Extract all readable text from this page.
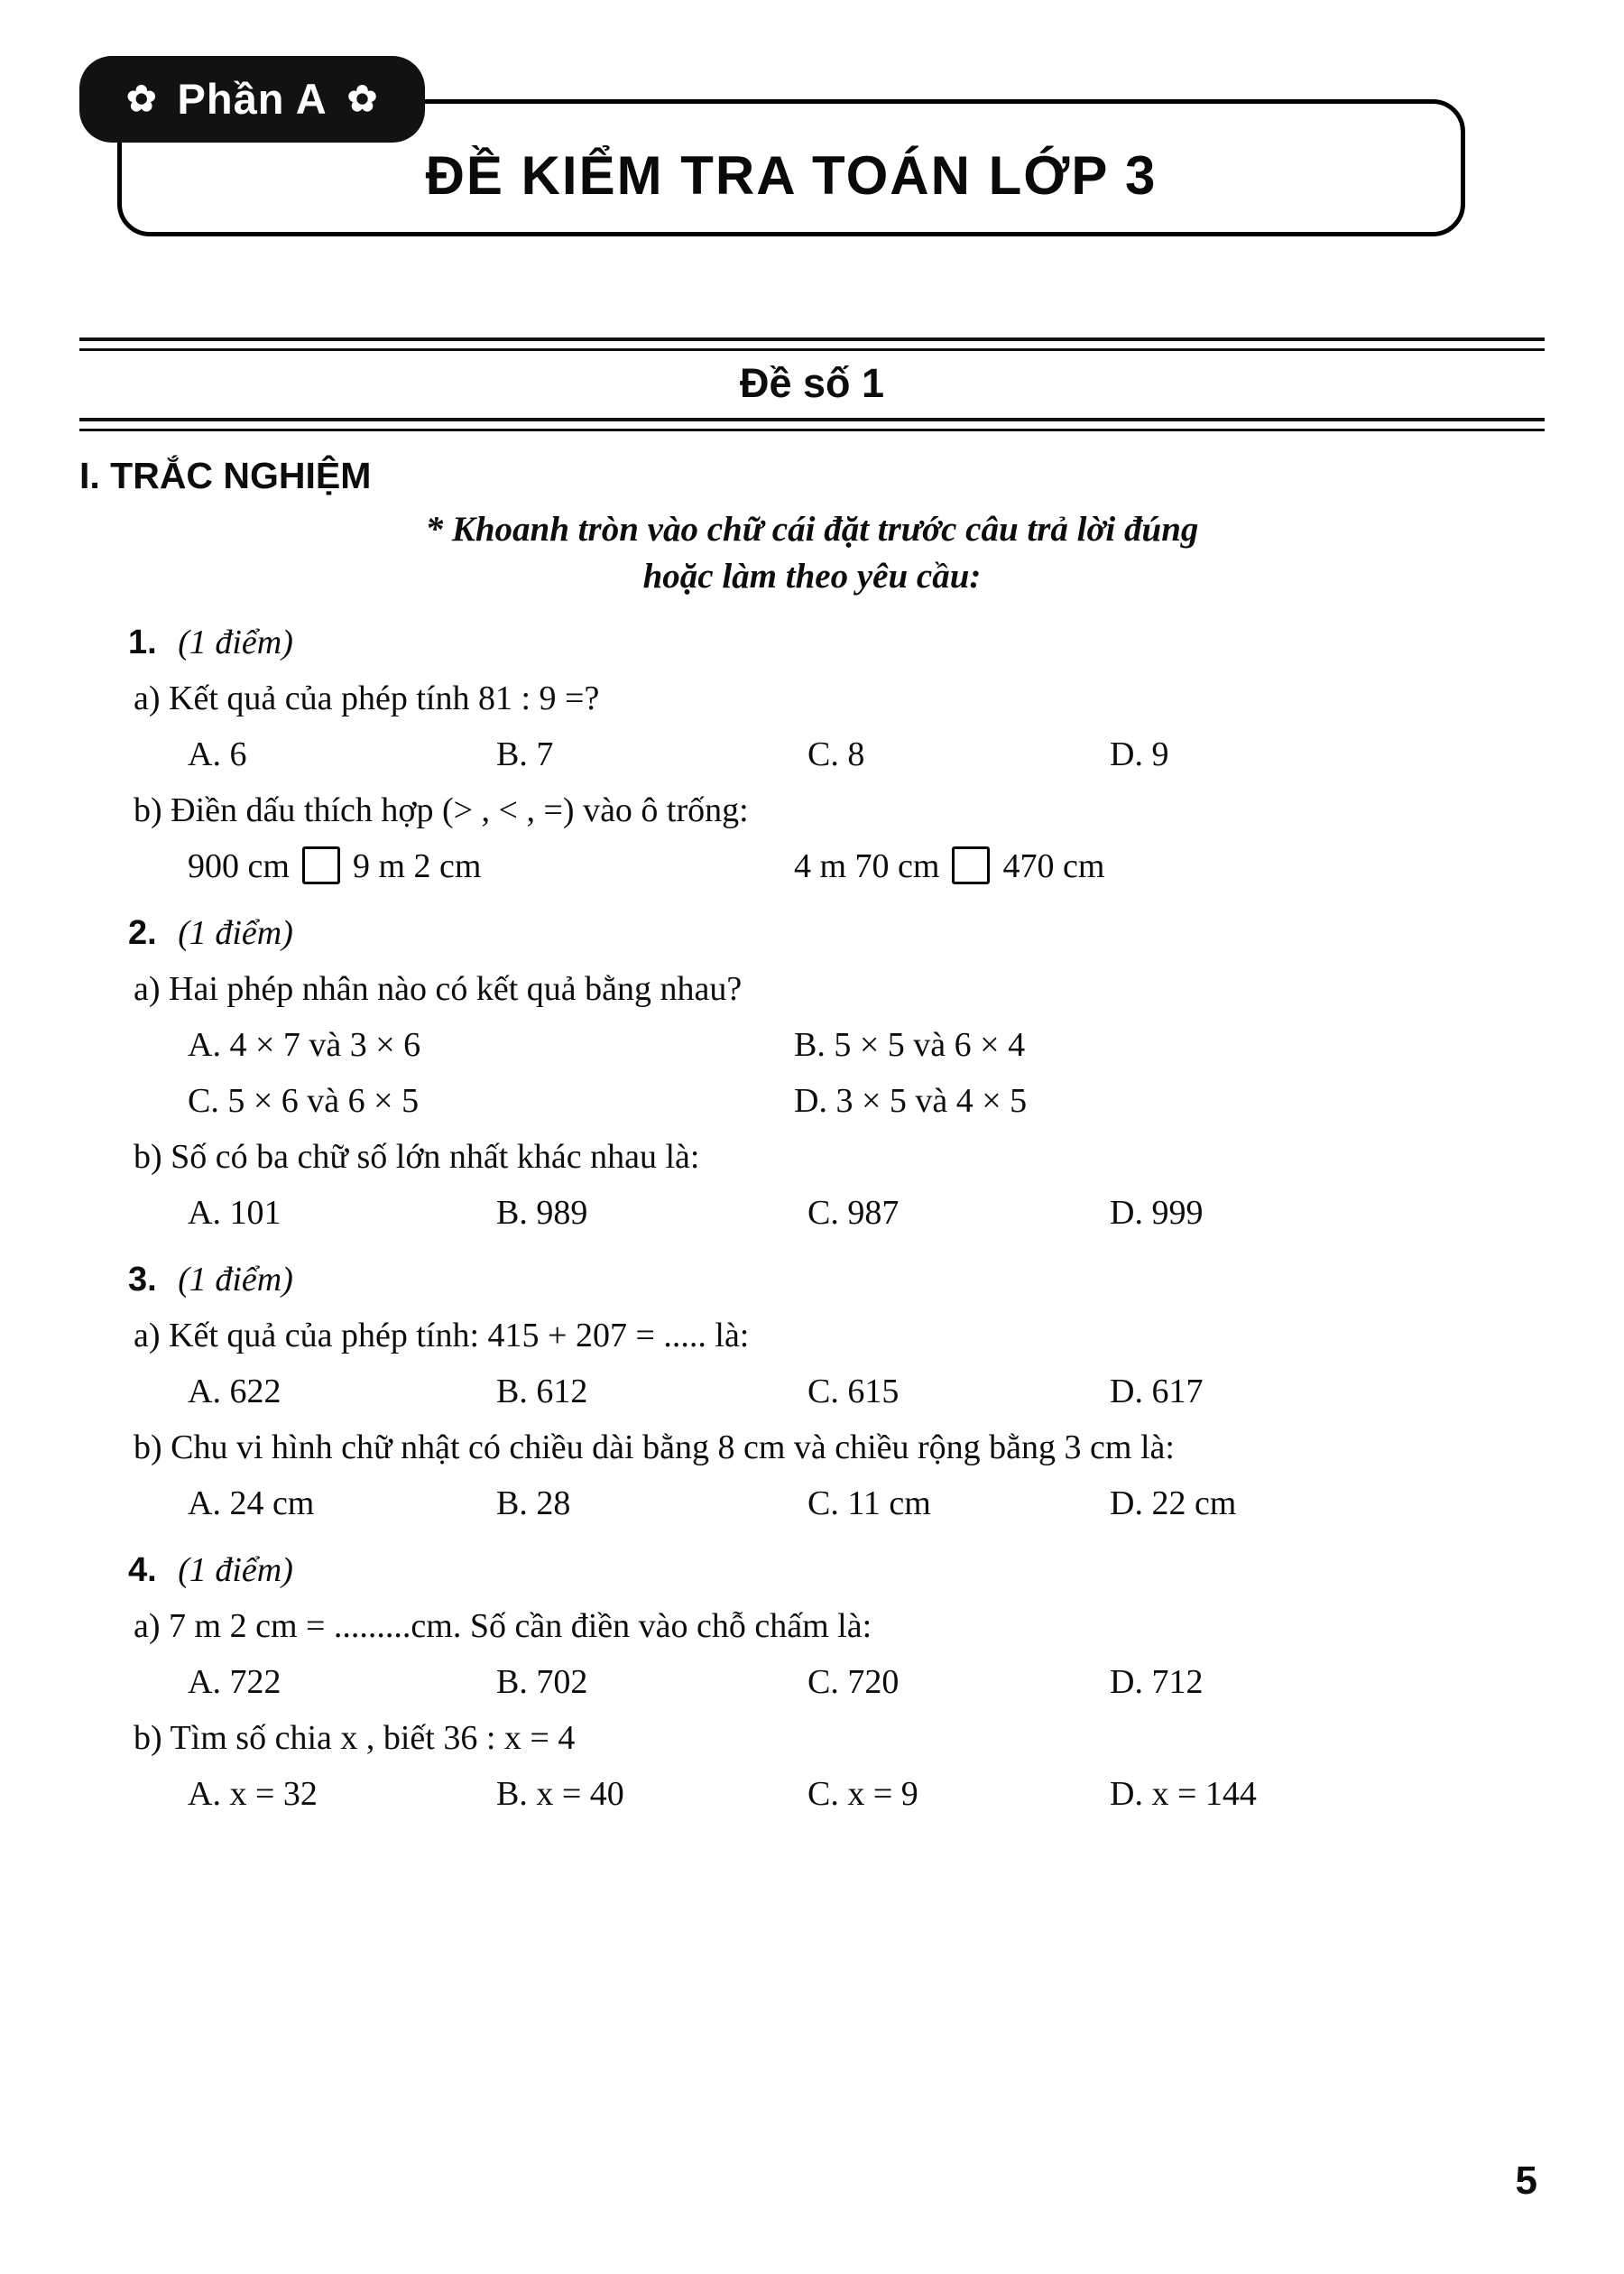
✿ Phần A ✿
ĐỀ KIỂM TRA TOÁN LỚP 3
Đề số 1
I. TRẮC NGHIỆM
* Khoanh tròn vào chữ cái đặt trước câu trả lời đúng
hoặc làm theo yêu cầu:
1. (1 điểm)
a) Kết quả của phép tính 81 : 9 =?
A. 6	B. 7	C. 8	D. 9
b) Điền dấu thích hợp (> , < , =) vào ô trống:
900 cm 9 m 2 cm	4 m 70 cm 470 cm
2. (1 điểm)
a) Hai phép nhân nào có kết quả bằng nhau?
A. 4 × 7 và 3 × 6	B. 5 × 5 và 6 × 4
C. 5 × 6 và 6 × 5	D. 3 × 5 và 4 × 5
b) Số có ba chữ số lớn nhất khác nhau là:
A. 101	B. 989	C. 987	D. 999
3. (1 điểm)
a) Kết quả của phép tính: 415 + 207 = ..... là:
A. 622	B. 612	C. 615	D. 617
b) Chu vi hình chữ nhật có chiều dài bằng 8 cm và chiều rộng bằng 3 cm là:
A. 24 cm	B. 28	C. 11 cm	D. 22 cm
4. (1 điểm)
a) 7 m 2 cm = .........cm. Số cần điền vào chỗ chấm là:
A. 722	B. 702	C. 720	D. 712
b) Tìm số chia x , biết 36 : x = 4
A. x = 32	B. x = 40	C. x = 9	D. x = 144
5
